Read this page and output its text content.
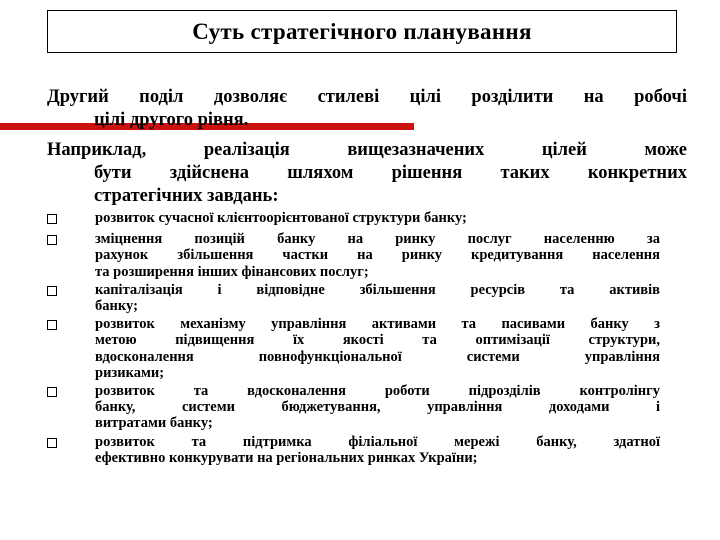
Суть стратегічного планування
Другий поділ дозволяє стилеві цілі розділити на робочі
цілі другого рівня.
Наприклад, реалізація вищезазначених цілей може
бути здійснена шляхом рішення таких конкретних
стратегічних завдань:
розвиток сучасної клієнтоорієнтованої структури банку;
зміцнення позицій банку на ринку послуг населенню за
рахунок збільшення частки на ринку кредитування населення
та розширення інших фінансових послуг;
капіталізація і відповідне збільшення ресурсів та активів
банку;
розвиток механізму управління активами та пасивами банку з
метою підвищення їх якості та оптимізації структури,
вдосконалення повнофункціональної системи управління
ризиками;
розвиток та вдосконалення роботи підрозділів контролінгу
банку, системи бюджетування, управління доходами і
витратами банку;
розвиток та підтримка філіальної мережі банку, здатної
ефективно конкурувати на регіональних ринках України;
